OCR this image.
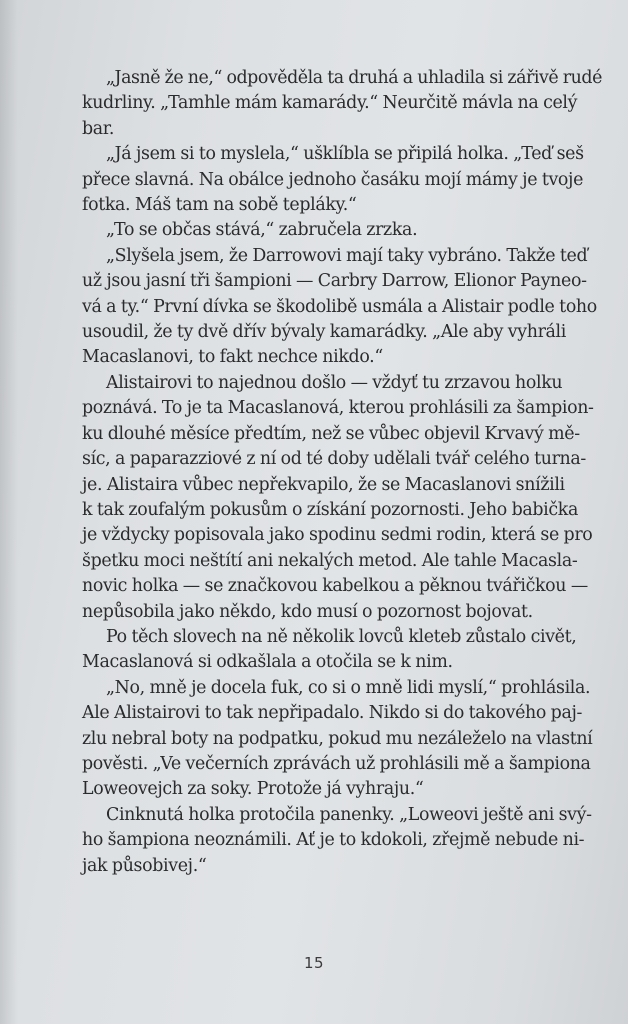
„Jasně že ne,“ odpověděla ta druhá a uhladila si zářivě rudé
kudrliny. „Tamhle mám kamarády.“ Neurčitě mávla na celý
bar.

„Já jsem si to myslela,“ ušklíbla se připilá holka. „Teď seš
přece slavná. Na obálce jednoho časáku mojí mámy je tvoje
fotka. Máš tam na sobě tepláky.“

„To se občas stává,“ zabručela zrzka.

„Slyšela jsem, že Darrowovi mají taky vybráno. Takže teď
už jsou jasní tři šampioni — Carbry Darrow, Elionor Payneo-
vá a ty.“ První dívka se škodolibě usmála a Alistair podle toho
usoudil, že ty dvě dřív bývaly kamarádky. „Ale aby vyhráli
Macaslanovi, to fakt nechce nikdo.“

Alistairovi to najednou došlo — vždyť tu zrzavou holku
poznává. To je ta Macaslanová, kterou prohlásili za šampion-
ku dlouhé měsíce předtím, než se vůbec objevil Krvavý mě-
síc, a paparazziové z ní od té doby udělali tvář celého turna-
je. Alistaira vůbec nepřekvapilo, že se Macaslanovi snížili
k tak zoufalým pokusům o získání pozornosti. Jeho babička
je vždycky popisovala jako spodinu sedmi rodin, která se pro
špetku moci neštítí ani nekalých metod. Ale tahle Macasla-
novic holka — se značkovou kabelkou a pěknou tvářičkou —
nepůsobila jako někdo, kdo musí o pozornost bojovat.

Po těch slovech na ně několik lovců kleteb zůstalo civět,
Macaslanová si odkašlala a otočila se k nim.

„No, mně je docela fuk, co si o mně lidi myslí,“ prohlásila.
Ale Alistairovi to tak nepřipadalo. Nikdo si do takového paj-
zlu nebral boty na podpatku, pokud mu nezáleželo na vlastní
pověsti. „Ve večerních zprávách už prohlásili mě a šampiona
Loweovejch za soky. Protože já vyhraju.“

Cinknutá holka protočila panenky. „Loweovi ještě ani svý-
ho šampiona neoznámili. Ať je to kdokoli, zřejmě nebude ni-
jak působivej.“

15
